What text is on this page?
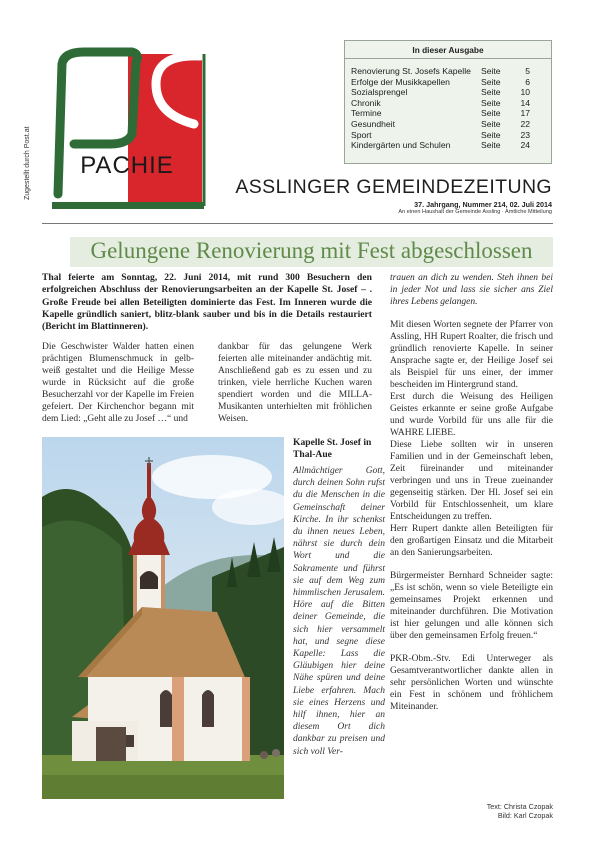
PACHIE
Zugestellt durch Post.at
In dieser Ausgabe
Renovierung St. Josefs Kapelle Seite	5
Erfolge der Musikkapellen	Seite	6
Sozialsprengel	Seite 10
Chronik	Seite 14
Termine	Seite 17
Gesundheit	Seite 22
Sport	Seite 23
Kindergärten und Schulen	Seite 24
ASSLINGER GEMEINDEZEITUNG
37. Jahrgang, Nummer 214, 02. Juli 2014
An einen Haushalt der Gemeinde Assling · Amtliche Mitteilung
Gelungene Renovierung mit Fest abgeschlossen
Thal feierte am Sonntag, 22. Juni 2014, mit rund 300 Besuchern den erfolgreichen Abschluss der Renovierungsarbeiten an der Kapelle St. Josef – . Große Freude bei allen Beteiligten dominierte das Fest. Im Inneren wurde die Kapelle gründlich saniert, blitz-blank sauber und bis in die Details restauriert (Bericht im Blattinneren).
Die Geschwister Walder hatten einen prächtigen Blumenschmuck in gelb-weiß gestaltet und die Heilige Messe wurde in Rücksicht auf die große Besucherzahl vor der Kapelle im Freien gefeiert. Der Kirchenchor begann mit dem Lied: „Geht alle zu Josef …“ und
dankbar für das gelungene Werk feierten alle miteinander andächtig mit. Anschließend gab es zu essen und zu trinken, viele herrliche Kuchen waren spendiert worden und die MILLA-Musikanten unterhielten mit fröhlichen Weisen.

trauen an dich zu wenden. Steh ihnen bei in jeder Not und lass sie sicher ans Ziel ihres Lebens gelangen.

Mit diesen Worten segnete der Pfarrer von Assling, HH Rupert Roalter, die frisch und gründlich renovierte Kapelle. In seiner Ansprache sagte er, der Heilige Josef sei als Beispiel für uns einer, der immer bescheiden im Hintergrund stand.

Erst durch die Weisung des Heiligen Geistes erkannte er seine große Aufgabe und wurde Vorbild für uns alle für die WAHRE LIEBE.

Diese Liebe sollten wir in unseren Familien und in der Gemeinschaft leben, Zeit füreinander und miteinander verbringen und uns in Treue zueinander gegenseitig stärken. Der Hl. Josef sei ein Vorbild für Entschlossenheit, um klare Entscheidungen zu treffen.

Herr Rupert dankte allen Beteiligten für den großartigen Einsatz und die Mitarbeit an den Sanierungsarbeiten.

Bürgermeister Bernhard Schneider sagte: „Es ist schön, wenn so viele Beteiligte ein gemeinsames Projekt erkennen und miteinander durchführen. Die Motivation ist hier gelungen und alle können sich über den gemeinsamen Erfolg freuen.“

PKR-Obm.-Stv. Edi Unterweger als Gesamtverantwortlicher dankte allen in sehr persönlichen Worten und wünschte ein Fest in schönem und fröhlichem Miteinander.

Kapelle St. Josef in Thal-Aue
Allmächtiger Gott, durch deinen Sohn rufst du die Menschen in die Gemeinschaft deiner Kirche. In ihr schenkst du ihnen neues Leben, nährst sie durch dein Wort und die Sakramente und führst sie auf dem Weg zum himmlischen Jerusalem. Höre auf die Bitten deiner Gemeinde, die sich hier versammelt hat, und segne diese Kapelle: Lass die Gläubigen hier deine Nähe spüren und deine Liebe erfahren. Mach sie eines Herzens und hilf ihnen, hier an diesem Ort dich dankbar zu preisen und sich voll Ver-
Text: Christa Czopak
Bild: Karl Czopak
